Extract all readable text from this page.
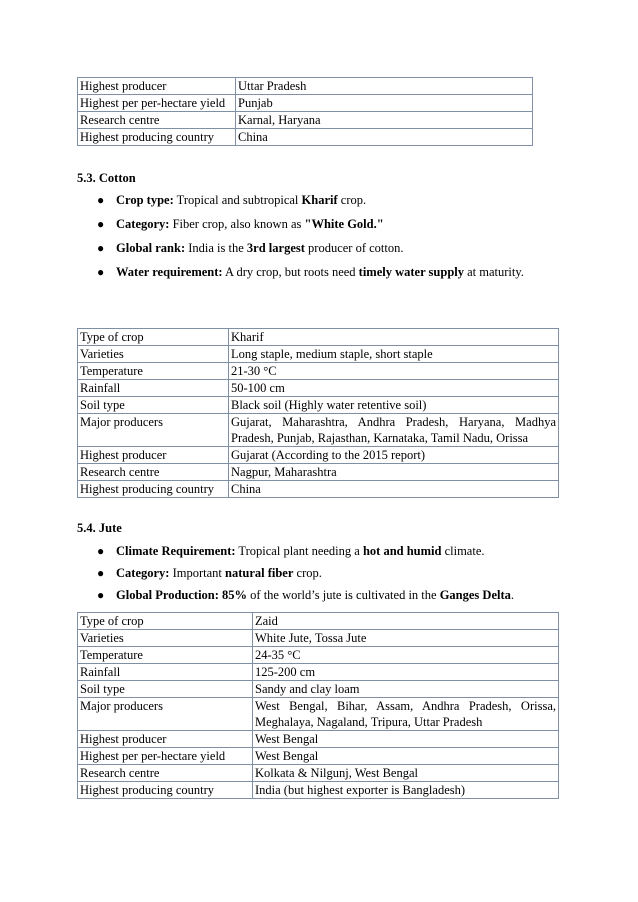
Highest producer	Uttar Pradesh
Highest per per-hectare yield	Punjab
Research centre	Karnal, Haryana
Highest producing country	China
5.3. Cotton
● Crop type: Tropical and subtropical Kharif crop.
● Category: Fiber crop, also known as "White Gold."
● Global rank: India is the 3rd largest producer of cotton.
● Water requirement: A dry crop, but roots need timely water supply at maturity.
Type of crop	Kharif
Varieties	Long staple, medium staple, short staple
Temperature	21-30 °C
Rainfall	50-100 cm
Soil type	Black soil (Highly water retentive soil)
Major producers	Gujarat, Maharashtra, Andhra Pradesh, Haryana, Madhya Pradesh, Punjab, Rajasthan, Karnataka, Tamil Nadu, Orissa
Highest producer	Gujarat (According to the 2015 report)
Research centre	Nagpur, Maharashtra
Highest producing country	China
5.4. Jute
● Climate Requirement: Tropical plant needing a hot and humid climate.
● Category: Important natural fiber crop.
● Global Production: 85% of the world’s jute is cultivated in the Ganges Delta.
Type of crop	Zaid
Varieties	White Jute, Tossa Jute
Temperature	24-35 °C
Rainfall	125-200 cm
Soil type	Sandy and clay loam
Major producers	West Bengal, Bihar, Assam, Andhra Pradesh, Orissa, Meghalaya, Nagaland, Tripura, Uttar Pradesh
Highest producer	West Bengal
Highest per per-hectare yield	West Bengal
Research centre	Kolkata & Nilgunj, West Bengal
Highest producing country	India (but highest exporter is Bangladesh)
